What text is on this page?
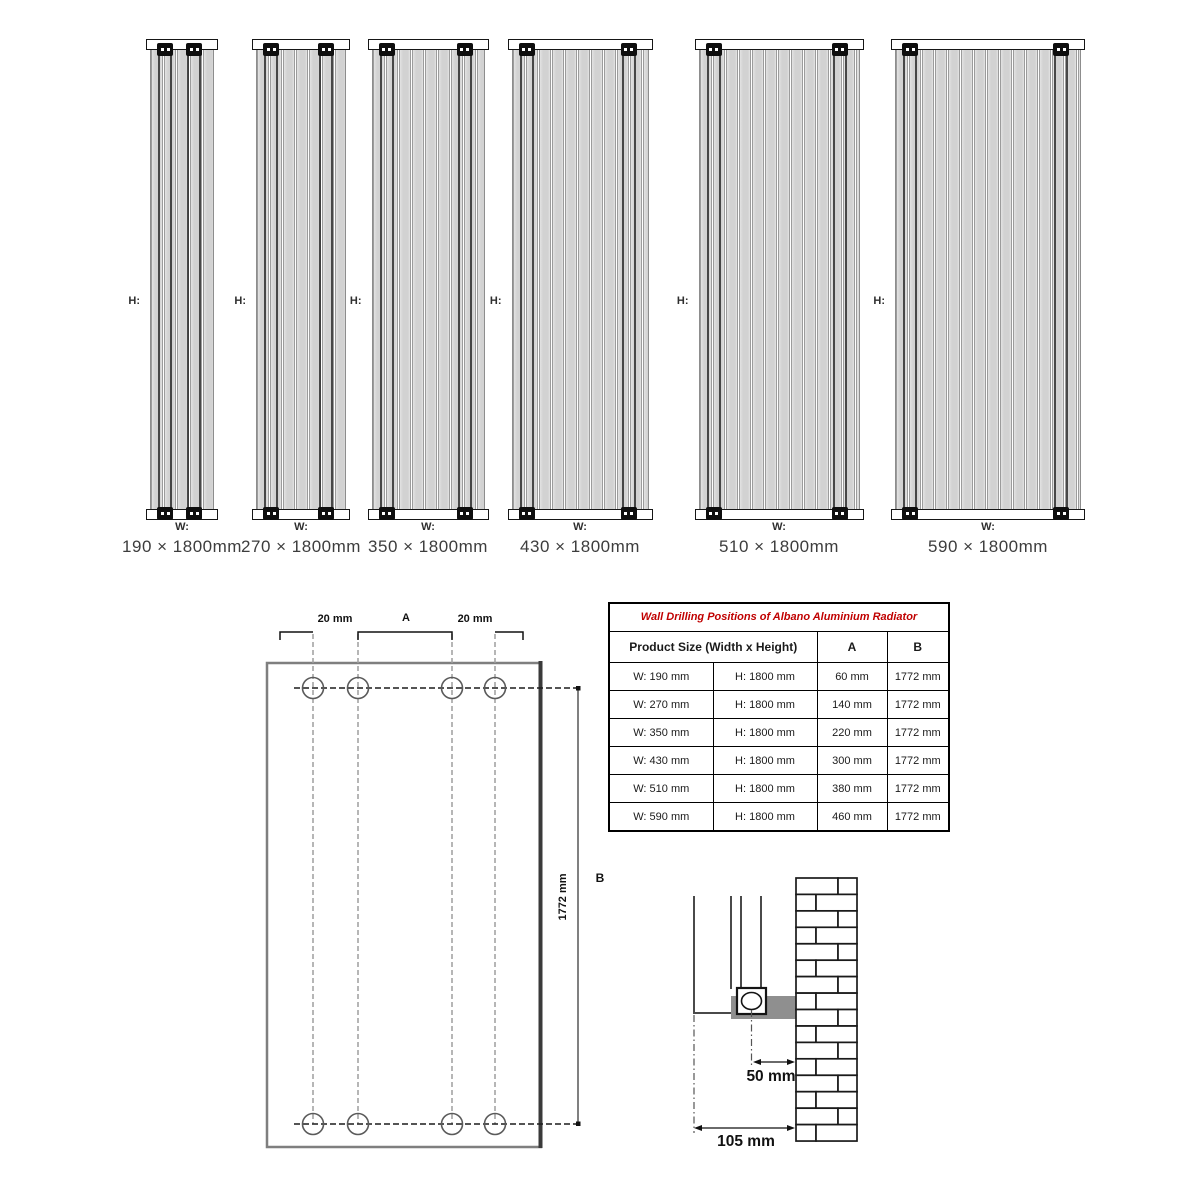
H:
W:
190 × 1800mm
H:
W:
270 × 1800mm
H:
W:
350 × 1800mm
H:
W:
430 × 1800mm
H:
W:
510 × 1800mm
H:
W:
590 × 1800mm
20 mm	A	20 mm
1772 mm B
50 mm
105 mm
Wall Drilling Positions of Albano Aluminium Radiator			
Product Size (Width x Height)		A	B
W: 190 mm	H: 1800 mm	60 mm	1772 mm
W: 270 mm	H: 1800 mm	140 mm	1772 mm
W: 350 mm	H: 1800 mm	220 mm	1772 mm
W: 430 mm	H: 1800 mm	300 mm	1772 mm
W: 510 mm	H: 1800 mm	380 mm	1772 mm
W: 590 mm	H: 1800 mm	460 mm	1772 mm
